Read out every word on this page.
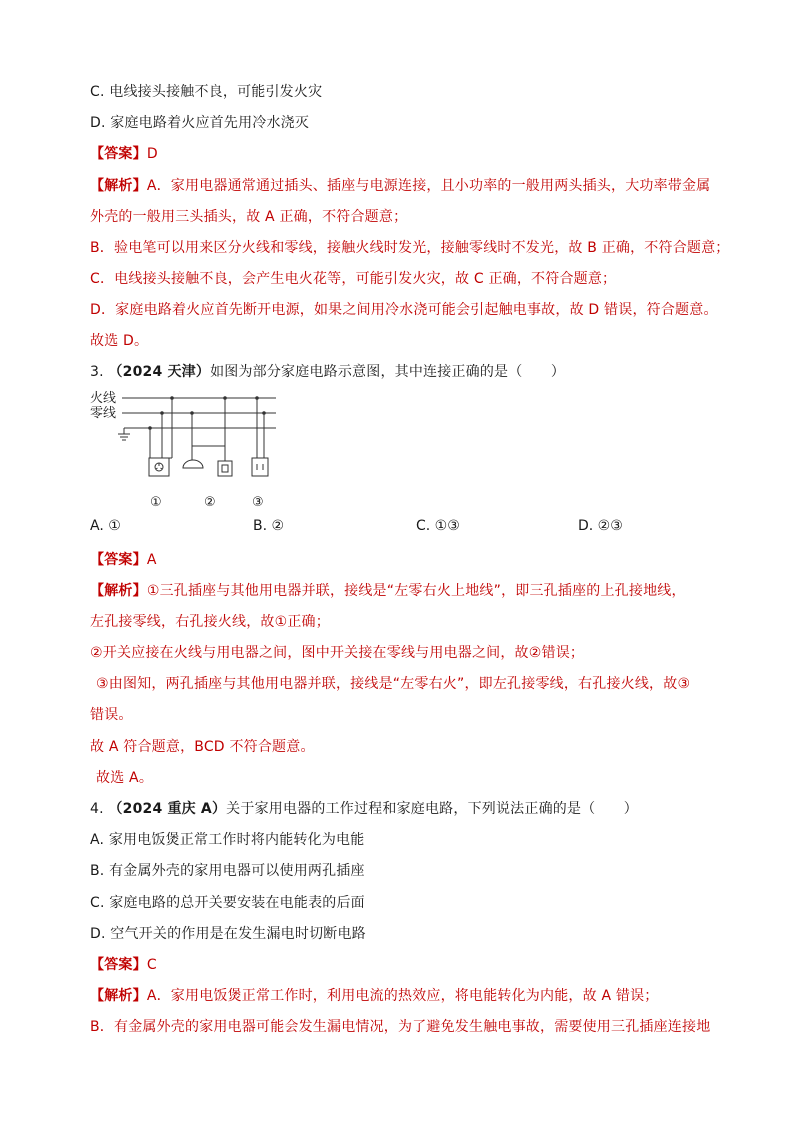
C. 电线接头接触不良，可能引发火灾
D. 家庭电路着火应首先用冷水浇灭
【答案】D
【解析】A．家用电器通常通过插头、插座与电源连接，且小功率的一般用两头插头，大功率带金属
外壳的一般用三头插头，故 A 正确，不符合题意；
B．验电笔可以用来区分火线和零线，接触火线时发光，接触零线时不发光，故 B 正确，不符合题意；
C．电线接头接触不良，会产生电火花等，可能引发火灾，故 C 正确，不符合题意；
D．家庭电路着火应首先断开电源，如果之间用冷水浇可能会引起触电事故，故 D 错误，符合题意。
故选 D。
3. （2024 天津）如图为部分家庭电路示意图，其中连接正确的是（　　）
火线
零线
①	②	③
A. ①	B. ②	C. ①③	D. ②③
【答案】A
【解析】①三孔插座与其他用电器并联，接线是“左零右火上地线”，即三孔插座的上孔接地线，
左孔接零线，右孔接火线，故①正确；
②开关应接在火线与用电器之间，图中开关接在零线与用电器之间，故②错误；
③由图知，两孔插座与其他用电器并联，接线是“左零右火”，即左孔接零线，右孔接火线，故③
错误。
故 A 符合题意，BCD 不符合题意。
故选 A。
4. （2024 重庆 A）关于家用电器的工作过程和家庭电路，下列说法正确的是（　　）
A. 家用电饭煲正常工作时将内能转化为电能
B. 有金属外壳的家用电器可以使用两孔插座
C. 家庭电路的总开关要安装在电能表的后面
D. 空气开关的作用是在发生漏电时切断电路
【答案】C
【解析】A．家用电饭煲正常工作时，利用电流的热效应，将电能转化为内能，故 A 错误；
B．有金属外壳的家用电器可能会发生漏电情况，为了避免发生触电事故，需要使用三孔插座连接地
